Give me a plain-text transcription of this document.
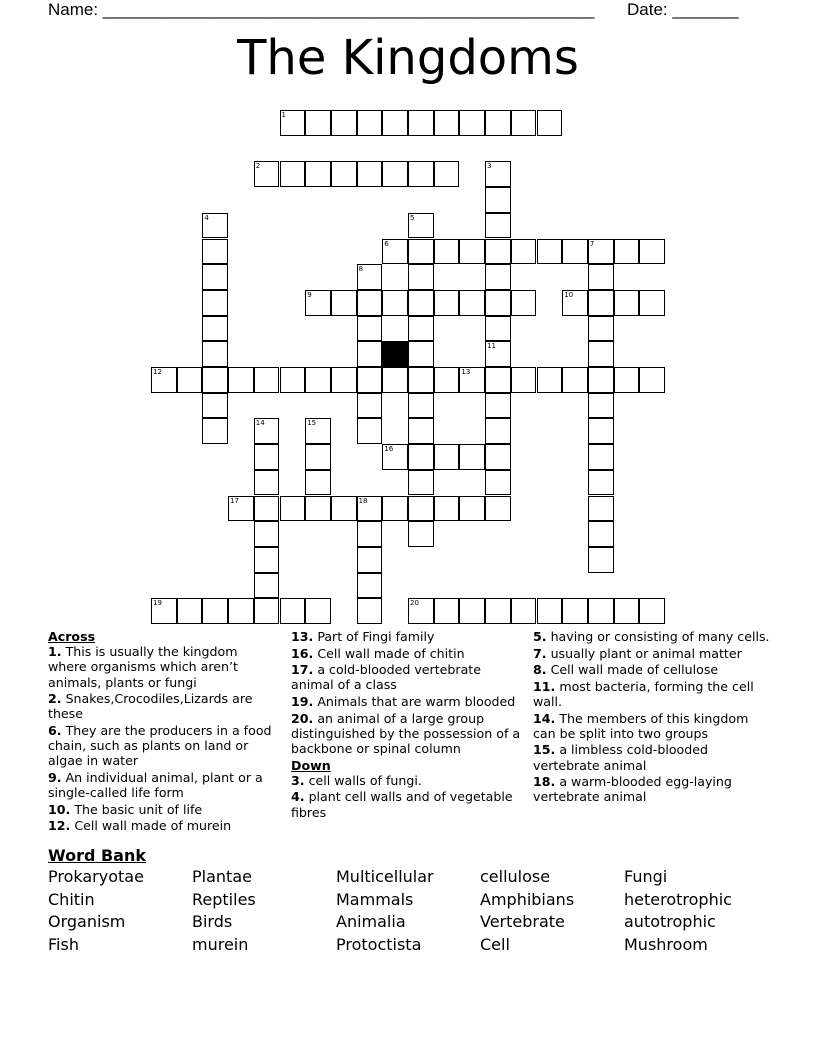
Name: ____________________________________________________ Date: _______
The Kingdoms
1
2
6	7
9	10
12	13
16
17	18
19	20
3
4	5
8
11
14	15
Across
1. This is usually the kingdom where organisms which aren’t animals, plants or fungi
2. Snakes,Crocodiles,Lizards are these
6. They are the producers in a food chain, such as plants on land or algae in water
9. An individual animal, plant or a single-called life form
10. The basic unit of life
12. Cell wall made of murein
13. Part of Fingi family
16. Cell wall made of chitin
17. a cold-blooded vertebrate animal of a class
19. Animals that are warm blooded
20. an animal of a large group distinguished by the possession of a backbone or spinal column
Down
3. cell walls of fungi.
4. plant cell walls and of vegetable fibres
5. having or consisting of many cells.
7. usually plant or animal matter
8. Cell wall made of cellulose
11. most bacteria, forming the cell wall.
14. The members of this kingdom can be split into two groups
15. a limbless cold-blooded vertebrate animal
18. a warm-blooded egg-laying vertebrate animal
Word Bank
Prokaryotae	Plantae	Multicellular	cellulose	Fungi
Chitin	Reptiles	Mammals	Amphibians	heterotrophic
Organism	Birds	Animalia	Vertebrate	autotrophic
Fish	murein	Protoctista	Cell	Mushroom
